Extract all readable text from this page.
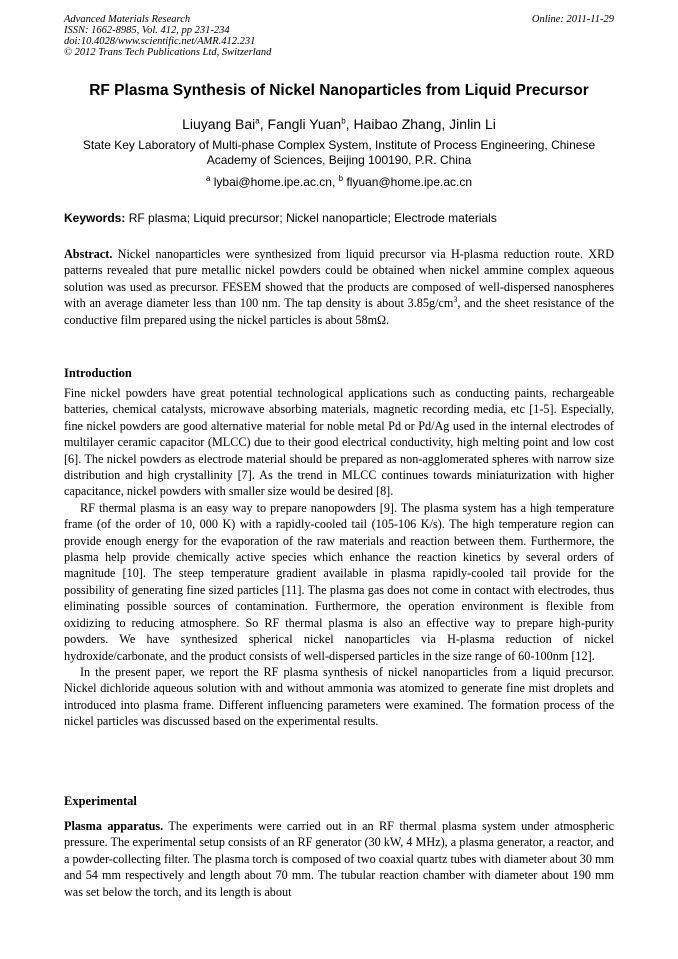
Advanced Materials Research
ISSN: 1662-8985, Vol. 412, pp 231-234
doi:10.4028/www.scientific.net/AMR.412.231
© 2012 Trans Tech Publications Ltd, Switzerland
Online: 2011-11-29
RF Plasma Synthesis of Nickel Nanoparticles from Liquid Precursor
Liuyang Bai$^a$, Fangli Yuan$^b$, Haibao Zhang, Jinlin Li
State Key Laboratory of Multi-phase Complex System, Institute of Process Engineering, Chinese Academy of Sciences, Beijing 100190, P.R. China
$^a$ lybai@home.ipe.ac.cn, $^b$ flyuan@home.ipe.ac.cn
Keywords: RF plasma; Liquid precursor; Nickel nanoparticle; Electrode materials

Abstract. Nickel nanoparticles were synthesized from liquid precursor via H-plasma reduction route. XRD patterns revealed that pure metallic nickel powders could be obtained when nickel ammine complex aqueous solution was used as precursor. FESEM showed that the products are composed of well-dispersed nanospheres with an average diameter less than 100 nm. The tap density is about $3.85g/cm^3$, and the sheet resistance of the conductive film prepared using the nickel particles is about 58mΩ.

Introduction

Fine nickel powders have great potential technological applications such as conducting paints, rechargeable batteries, chemical catalysts, microwave absorbing materials, magnetic recording media, etc [1-5]. Especially, fine nickel powders are good alternative material for noble metal Pd or Pd/Ag used in the internal electrodes of multilayer ceramic capacitor (MLCC) due to their good electrical conductivity, high melting point and low cost [6]. The nickel powders as electrode material should be prepared as non-agglomerated spheres with narrow size distribution and high crystallinity [7]. As the trend in MLCC continues towards miniaturization with higher capacitance, nickel powders with smaller size would be desired [8].

RF thermal plasma is an easy way to prepare nanopowders [9]. The plasma system has a high temperature frame (of the order of 10, 000 K) with a rapidly-cooled tail (105-106 K/s). The high temperature region can provide enough energy for the evaporation of the raw materials and reaction between them. Furthermore, the plasma help provide chemically active species which enhance the reaction kinetics by several orders of magnitude [10]. The steep temperature gradient available in plasma rapidly-cooled tail provide for the possibility of generating fine sized particles [11]. The plasma gas does not come in contact with electrodes, thus eliminating possible sources of contamination. Furthermore, the operation environment is flexible from oxidizing to reducing atmosphere. So RF thermal plasma is also an effective way to prepare high-purity powders. We have synthesized spherical nickel nanoparticles via H-plasma reduction of nickel hydroxide/carbonate, and the product consists of well-dispersed particles in the size range of 60-100nm [12].

In the present paper, we report the RF plasma synthesis of nickel nanoparticles from a liquid precursor. Nickel dichloride aqueous solution with and without ammonia was atomized to generate fine mist droplets and introduced into plasma frame. Different influencing parameters were examined. The formation process of the nickel particles was discussed based on the experimental results.

Experimental

Plasma apparatus. The experiments were carried out in an RF thermal plasma system under atmospheric pressure. The experimental setup consists of an RF generator (30 kW, 4 MHz), a plasma generator, a reactor, and a powder-collecting filter. The plasma torch is composed of two coaxial quartz tubes with diameter about 30 mm and 54 mm respectively and length about 70 mm. The tubular reaction chamber with diameter about 190 mm was set below the torch, and its length is about
